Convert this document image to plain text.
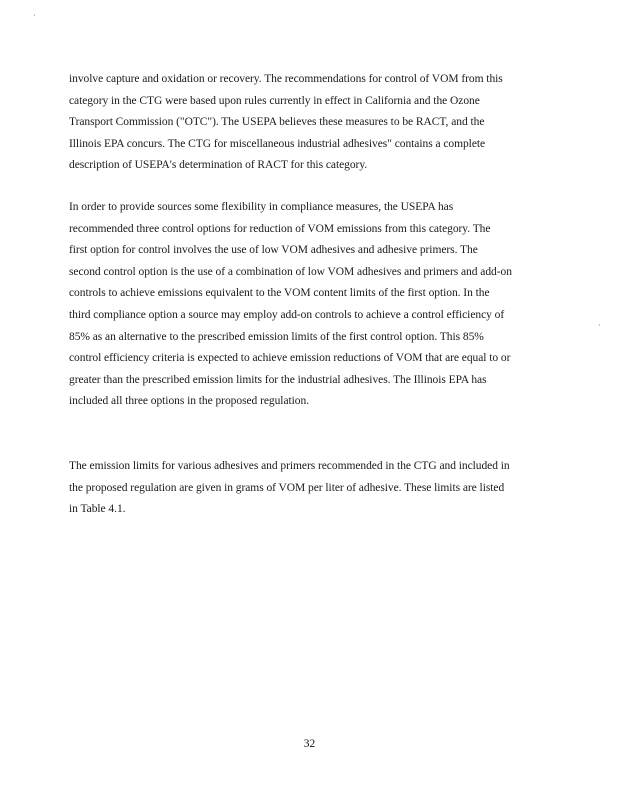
·
·
involve capture and oxidation or recovery. The recommendations for control of VOM from this
category in the CTG were based upon rules currently in effect in California and the Ozone
Transport Commission ("OTC"). The USEPA believes these measures to be RACT, and the
Illinois EPA concurs. The CTG for miscellaneous industrial adhesives" contains a complete
description of USEPA's determination of RACT for this category.
In order to provide sources some flexibility in compliance measures, the USEPA has
recommended three control options for reduction of VOM emissions from this category. The
first option for control involves the use of low VOM adhesives and adhesive primers. The
second control option is the use of a combination of low VOM adhesives and primers and add-on
controls to achieve emissions equivalent to the VOM content limits of the first option. In the
third compliance option a source may employ add-on controls to achieve a control efficiency of
85% as an alternative to the prescribed emission limits of the first control option. This 85%
control efficiency criteria is expected to achieve emission reductions of VOM that are equal to or
greater than the prescribed emission limits for the industrial adhesives. The Illinois EPA has
included all three options in the proposed regulation.
The emission limits for various adhesives and primers recommended in the CTG and included in
the proposed regulation are given in grams of VOM per liter of adhesive. These limits are listed
in Table 4.1.
32
